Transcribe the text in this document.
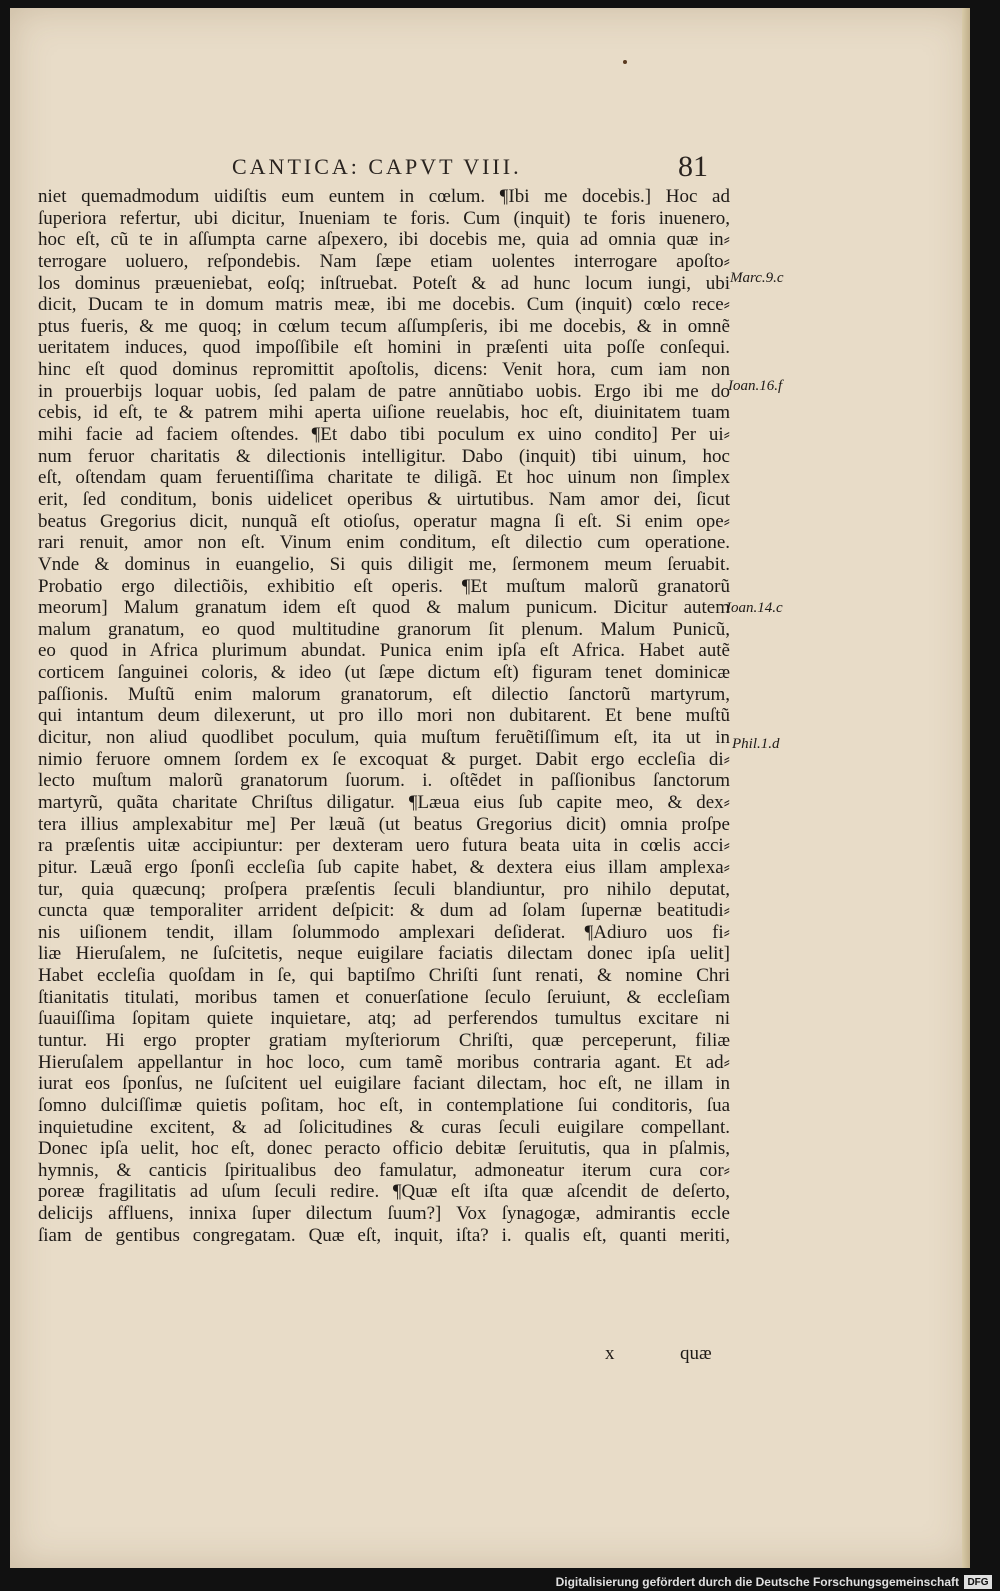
CANTICA: CAPVT VIII.	81
niet quemadmodum uidiſtis eum euntem in cœlum. ¶Ibi me docebis.] Hoc ad
ſuperiora refertur, ubi dicitur, Inueniam te foris. Cum (inquit) te foris inuenero,
hoc eſt, cũ te in aſſumpta carne aſpexero, ibi docebis me, quia ad omnia quæ in⸗
terrogare uoluero, reſpondebis. Nam ſæpe etiam uolentes interrogare apoſto⸗
los dominus præueniebat, eoſq; inſtruebat. Poteſt & ad hunc locum iungi, ubi
dicit, Ducam te in domum matris meæ, ibi me docebis. Cum (inquit) cœlo rece⸗
ptus fueris, & me quoq; in cœlum tecum aſſumpſeris, ibi me docebis, & in omnẽ
ueritatem induces, quod impoſſibile eſt homini in præſenti uita poſſe conſequi.
hinc eſt quod dominus repromittit apoſtolis, dicens: Venit hora, cum iam non
in prouerbijs loquar uobis, ſed palam de patre annũtiabo uobis. Ergo ibi me do
cebis, id eſt, te & patrem mihi aperta uiſione reuelabis, hoc eſt, diuinitatem tuam
mihi facie ad faciem oſtendes. ¶Et dabo tibi poculum ex uino condito] Per ui⸗
num feruor charitatis & dilectionis intelligitur. Dabo (inquit) tibi uinum, hoc
eſt, oſtendam quam feruentiſſima charitate te diligã. Et hoc uinum non ſimplex
erit, ſed conditum, bonis uidelicet operibus & uirtutibus. Nam amor dei, ſicut
beatus Gregorius dicit, nunquã eſt otioſus, operatur magna ſi eſt. Si enim ope⸗
rari renuit, amor non eſt. Vinum enim conditum, eſt dilectio cum operatione.
Vnde & dominus in euangelio, Si quis diligit me, ſermonem meum ſeruabit.
Probatio ergo dilectiõis, exhibitio eſt operis. ¶Et muſtum malorũ granatorũ
meorum] Malum granatum idem eſt quod & malum punicum. Dicitur autem
malum granatum, eo quod multitudine granorum ſit plenum. Malum Punicũ,
eo quod in Africa plurimum abundat. Punica enim ipſa eſt Africa. Habet autẽ
corticem ſanguinei coloris, & ideo (ut ſæpe dictum eſt) figuram tenet dominicæ
paſſionis. Muſtũ enim malorum granatorum, eſt dilectio ſanctorũ martyrum,
qui intantum deum dilexerunt, ut pro illo mori non dubitarent. Et bene muſtũ
dicitur, non aliud quodlibet poculum, quia muſtum feruẽtiſſimum eſt, ita ut in
nimio feruore omnem ſordem ex ſe excoquat & purget. Dabit ergo eccleſia di⸗
lecto muſtum malorũ granatorum ſuorum. i. oſtẽdet in paſſionibus ſanctorum
martyrũ, quãta charitate Chriſtus diligatur. ¶Læua eius ſub capite meo, & dex⸗
tera illius amplexabitur me] Per læuã (ut beatus Gregorius dicit) omnia proſpe
ra præſentis uitæ accipiuntur: per dexteram uero futura beata uita in cœlis acci⸗
pitur. Læuã ergo ſponſi eccleſia ſub capite habet, & dextera eius illam amplexa⸗
tur, quia quæcunq; proſpera præſentis ſeculi blandiuntur, pro nihilo deputat,
cuncta quæ temporaliter arrident deſpicit: & dum ad ſolam ſupernæ beatitudi⸗
nis uiſionem tendit, illam ſolummodo amplexari deſiderat. ¶Adiuro uos fi⸗
liæ Hieruſalem, ne ſuſcitetis, neque euigilare faciatis dilectam donec ipſa uelit]
Habet eccleſia quoſdam in ſe, qui baptiſmo Chriſti ſunt renati, & nomine Chri
ſtianitatis titulati, moribus tamen et conuerſatione ſeculo ſeruiunt, & eccleſiam
ſuauiſſima ſopitam quiete inquietare, atq; ad perferendos tumultus excitare ni
tuntur. Hi ergo propter gratiam myſteriorum Chriſti, quæ perceperunt, filiæ
Hieruſalem appellantur in hoc loco, cum tamẽ moribus contraria agant. Et ad⸗
iurat eos ſponſus, ne ſuſcitent uel euigilare faciant dilectam, hoc eſt, ne illam in
ſomno dulciſſimæ quietis poſitam, hoc eſt, in contemplatione ſui conditoris, ſua
inquietudine excitent, & ad ſolicitudines & curas ſeculi euigilare compellant.
Donec ipſa uelit, hoc eſt, donec peracto officio debitæ ſeruitutis, qua in pſalmis,
hymnis, & canticis ſpiritualibus deo famulatur, admoneatur iterum cura cor⸗
poreæ fragilitatis ad uſum ſeculi redire. ¶Quæ eſt iſta quæ aſcendit de deſerto,
delicijs affluens, innixa ſuper dilectum ſuum?] Vox ſynagogæ, admirantis eccle
ſiam de gentibus congregatam. Quæ eſt, inquit, iſta? i. qualis eſt, quanti meriti,
Marc.9.c
Ioan.16.f
Ioan.14.c
Phil.1.d
x	quæ
Digitalisierung gefördert durch die Deutsche Forschungsgemeinschaft DFG
